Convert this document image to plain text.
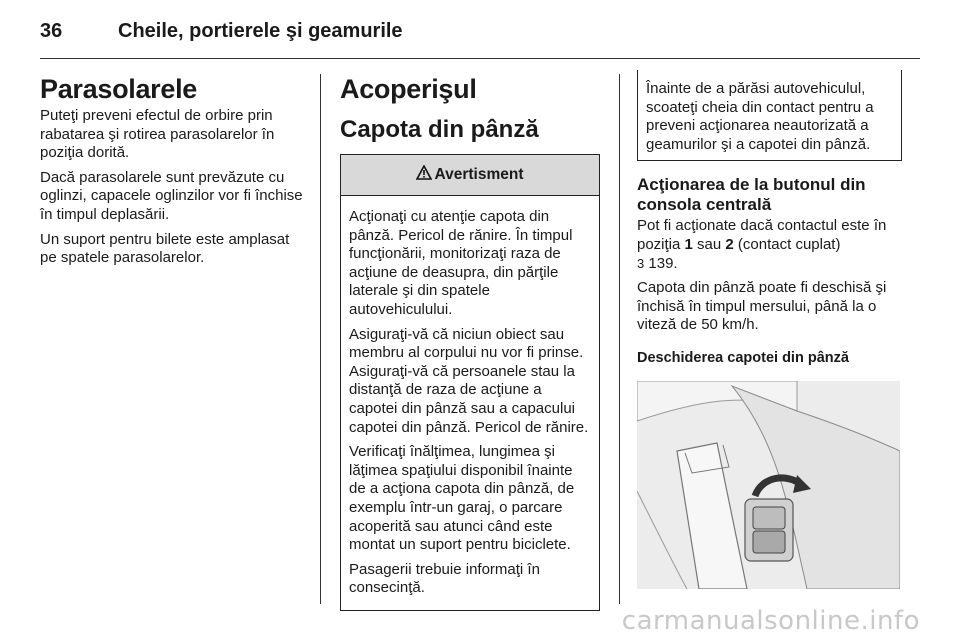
36	Cheile, portierele şi geamurile
Parasolarele

Puteţi preveni efectul de orbire prin rabatarea şi rotirea parasolarelor în poziţia dorită.

Dacă parasolarele sunt prevăzute cu oglinzi, capacele oglinzilor vor fi închise în timpul deplasării.

Un suport pentru bilete este amplasat pe spatele parasolarelor.

Acoperişul
Capota din pânză
Avertisment

Acţionaţi cu atenţie capota din pânză. Pericol de rănire. În timpul funcţionării, monitorizaţi raza de acţiune de deasupra, din părţile laterale şi din spatele autovehiculului.

Asiguraţi-vă că niciun obiect sau membru al corpului nu vor fi prinse. Asiguraţi-vă că persoanele stau la distanţă de raza de acţiune a capotei din pânză sau a capacului capotei din pânză. Pericol de rănire.

Verificaţi înălţimea, lungimea şi lăţimea spaţiului disponibil înainte de a acţiona capota din pânză, de exemplu într-un garaj, o parcare acoperită sau atunci când este montat un suport pentru biciclete.

Pasagerii trebuie informaţi în consecinţă.

Înainte de a părăsi autovehiculul, scoateţi cheia din contact pentru a preveni acţionarea neautorizată a geamurilor şi a capotei din pânză.

Acţionarea de la butonul din consola centrală

Pot fi acţionate dacă contactul este în poziţia 1 sau 2 (contact cuplat)
3 139.

Capota din pânză poate fi deschisă şi închisă în timpul mersului, până la o viteză de 50 km/h.

Deschiderea capotei din pânză
carmanualsonline.info
